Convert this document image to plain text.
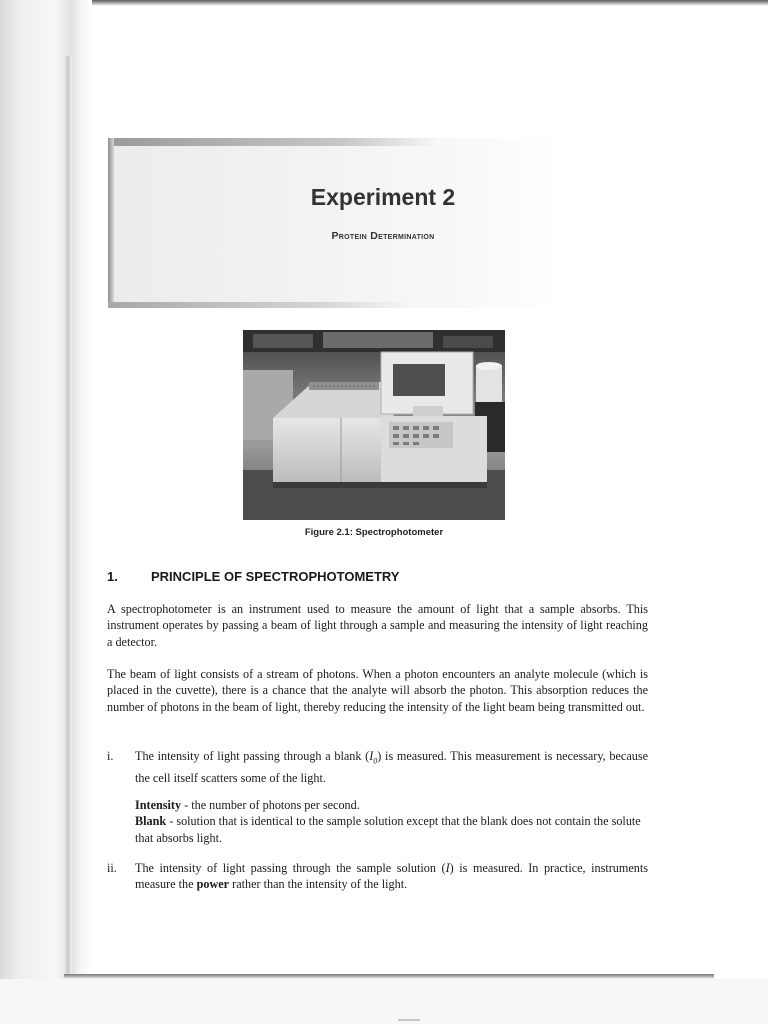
Experiment 2
Protein Determination
Figure 2.1: Spectrophotometer
1.	PRINCIPLE OF SPECTROPHOTOMETRY

A spectrophotometer is an instrument used to measure the amount of light that a sample absorbs. This instrument operates by passing a beam of light through a sample and measuring the intensity of light reaching a detector.

The beam of light consists of a stream of photons. When a photon encounters an analyte molecule (which is placed in the cuvette), there is a chance that the analyte will absorb the photon. This absorption reduces the number of photons in the beam of light, thereby reducing the intensity of the light beam being transmitted out.

i.	The intensity of light passing through a blank $(I_0)$ is measured. This measurement is necessary, because the cell itself scatters some of the light.
Intensity - the number of photons per second.
Blank - solution that is identical to the sample solution except that the blank does not contain the solute that absorbs light.
ii.	The intensity of light passing through the sample solution (I) is measured. In practice, instruments measure the power rather than the intensity of the light.
